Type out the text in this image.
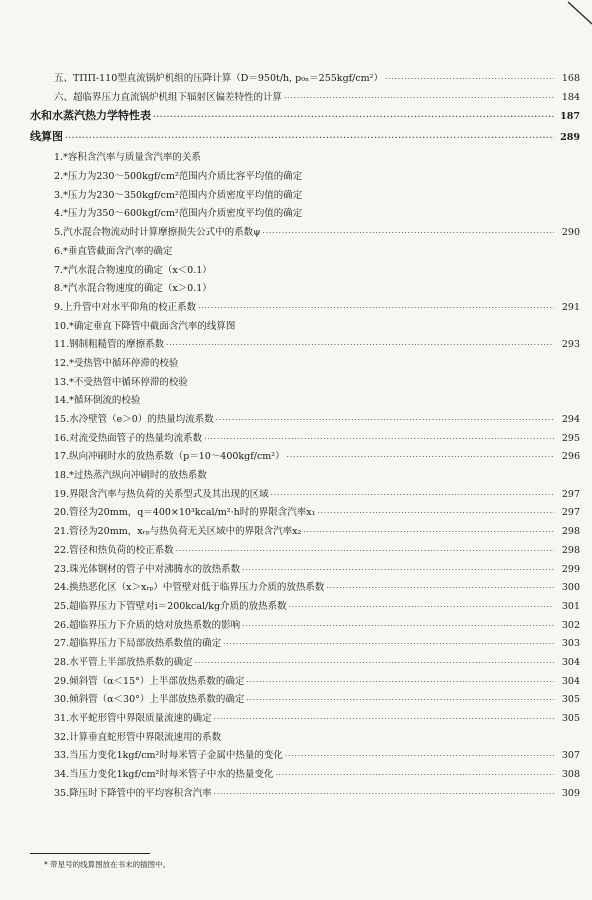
五、ТПП-110型直流锅炉机组的压降计算（D＝950t/h, p₀ₙ＝255kgf/cm²） ·····	168
六、超临界压力直流锅炉机组下辐射区偏差特性的计算 ·····	184
水和水蒸汽热力学特性表 ·····	187
线算图 ·····	289
1.*容积含汽率与质量含汽率的关系
2.*压力为230～500kgf/cm²范围内介质比容平均值的确定
3.*压力为230～350kgf/cm²范围内介质密度平均值的确定
4.*压力为350～600kgf/cm²范围内介质密度平均值的确定
5.汽水混合物流动时计算摩擦损失公式中的系数ψ ·····	290
6.*垂直管截面含汽率的确定
7.*汽水混合物速度的确定（x＜0.1）
8.*汽水混合物速度的确定（x＞0.1）
9.上升管中对水平仰角的校正系数 ·····	291
10.*确定垂直下降管中截面含汽率的线算图
11.钢制粗糙管的摩擦系数 ·····	293
12.*受热管中循环停滞的校验
13.*不受热管中循环停滞的校验
14.*循环倒流的校验
15.水冷壁管（e＞0）的热量均流系数 ·····	294
16.对流受热面管子的热量均流系数 ·····	295
17.纵向冲刷时水的放热系数（p＝10～400kgf/cm²） ·····	296
18.*过热蒸汽纵向冲刷时的放热系数
19.界限含汽率与热负荷的关系型式及其出现的区域 ·····	297
20.管径为20mm，q＝400×10³kcal/m²·h时的界限含汽率x₁ ·····	297
21.管径为20mm，xᵣₚ与热负荷无关区域中的界限含汽率x₂ ·····	298
22.管径和热负荷的校正系数 ·····	298
23.珠光体钢材的管子中对沸腾水的放热系数 ·····	299
24.换热恶化区（x＞xᵣₚ）中管壁对低于临界压力介质的放热系数 ·····	300
25.超临界压力下管壁对i＝200kcal/kg介质的放热系数 ·····	301
26.超临界压力下介质的焓对放热系数的影响 ·····	302
27.超临界压力下局部放热系数值的确定 ·····	303
28.水平管上半部放热系数的确定 ·····	304
29.倾斜管（α＜15°）上半部放热系数的确定 ·····	304
30.倾斜管（α＜30°）上半部放热系数的确定 ·····	305
31.水平蛇形管中界限质量流速的确定 ·····	305
32.计算垂直蛇形管中界限流速用的系数
33.当压力变化1kgf/cm²时每米管子金属中热量的变化 ·····	307
34.当压力变化1kgf/cm²时每米管子中水的热量变化 ·····	308
35.降压时下降管中的平均容积含汽率 ·····	309
* 带星号的线算图放在书末的插图中。
